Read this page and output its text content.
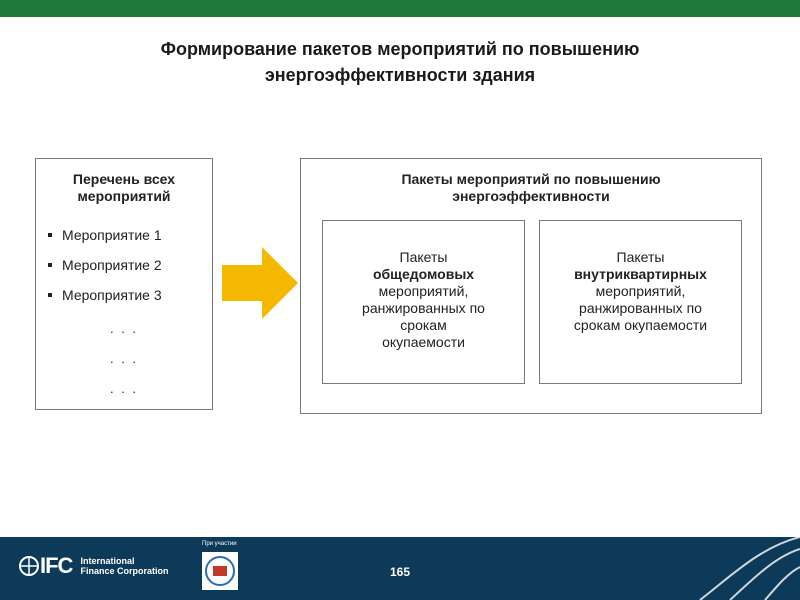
Формирование пакетов мероприятий по повышению
энергоэффективности здания
Перечень всех
мероприятий
Мероприятие 1
Мероприятие 2
Мероприятие 3
. . .
. . .
. . .
Пакеты мероприятий по повышению
энергоэффективности
Пакеты
общедомовых
мероприятий,
ранжированных по
срокам
окупаемости
Пакеты
внутриквартирных
мероприятий,
ранжированных по
срокам окупаемости
IFC International
Finance Corporation
При участии
165
